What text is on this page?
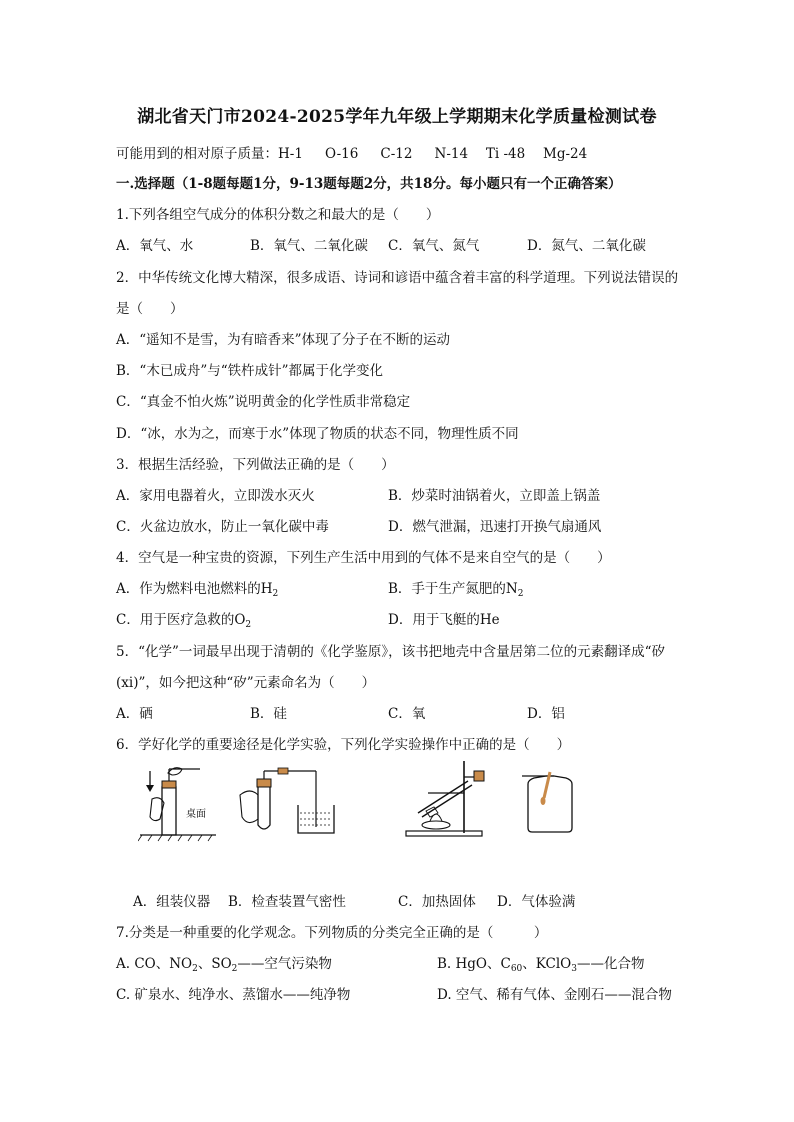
湖北省天门市2024-2025学年九年级上学期期末化学质量检测试卷
可能用到的相对原子质量：H-1 　 O-16 　 C-12 　 N-14 　Ti -48 　Mg-24
一.选择题（1-8题每题1分，9-13题每题2分，共18分。每小题只有一个正确答案）
1.下列各组空气成分的体积分数之和最大的是（　　）
A．氧气、水	B．氧气、二氧化碳 C．氧气、氮气	D．氮气、二氧化碳
2．中华传统文化博大精深，很多成语、诗词和谚语中蕴含着丰富的科学道理。下列说法错误的
是（　　）
A．“遥知不是雪，为有暗香来”体现了分子在不断的运动
B．“木已成舟”与“铁杵成针”都属于化学变化
C．“真金不怕火炼”说明黄金的化学性质非常稳定
D．“冰，水为之，而寒于水”体现了物质的状态不同，物理性质不同
3．根据生活经验，下列做法正确的是（　　）
A．家用电器着火，立即泼水灭火	B．炒菜时油锅着火，立即盖上锅盖
C．火盆边放水，防止一氧化碳中毒	D．燃气泄漏，迅速打开换气扇通风
4．空气是一种宝贵的资源，下列生产生活中用到的气体不是来自空气的是（　　）
A．作为燃料电池燃料的$H_2$	B．手于生产氮肥的$N_2$
C．用于医疗急救的$O_2$	D．用于飞艇的He
5．“化学”一词最早出现于清朝的《化学鉴原》，该书把地壳中含量居第二位的元素翻译成“矽
(xi)”，如今把这种“矽”元素命名为（　　）
A．硒	B．硅	C．氧	D．铝
6．学好化学的重要途径是化学实验，下列化学实验操作中正确的是（　　）
桌面
A．组装仪器 B．检查装置气密性	C．加热固体 D．气体验满
7.分类是一种重要的化学观念。下列物质的分类完全正确的是（　　　）
A. CO、$NO_2$、$SO_2——$空气污染物	B. HgO、$C_{60}$、KClO$_3$——化合物
C. 矿泉水、纯净水、蒸馏水——纯净物	D. 空气、稀有气体、金刚石——混合物
